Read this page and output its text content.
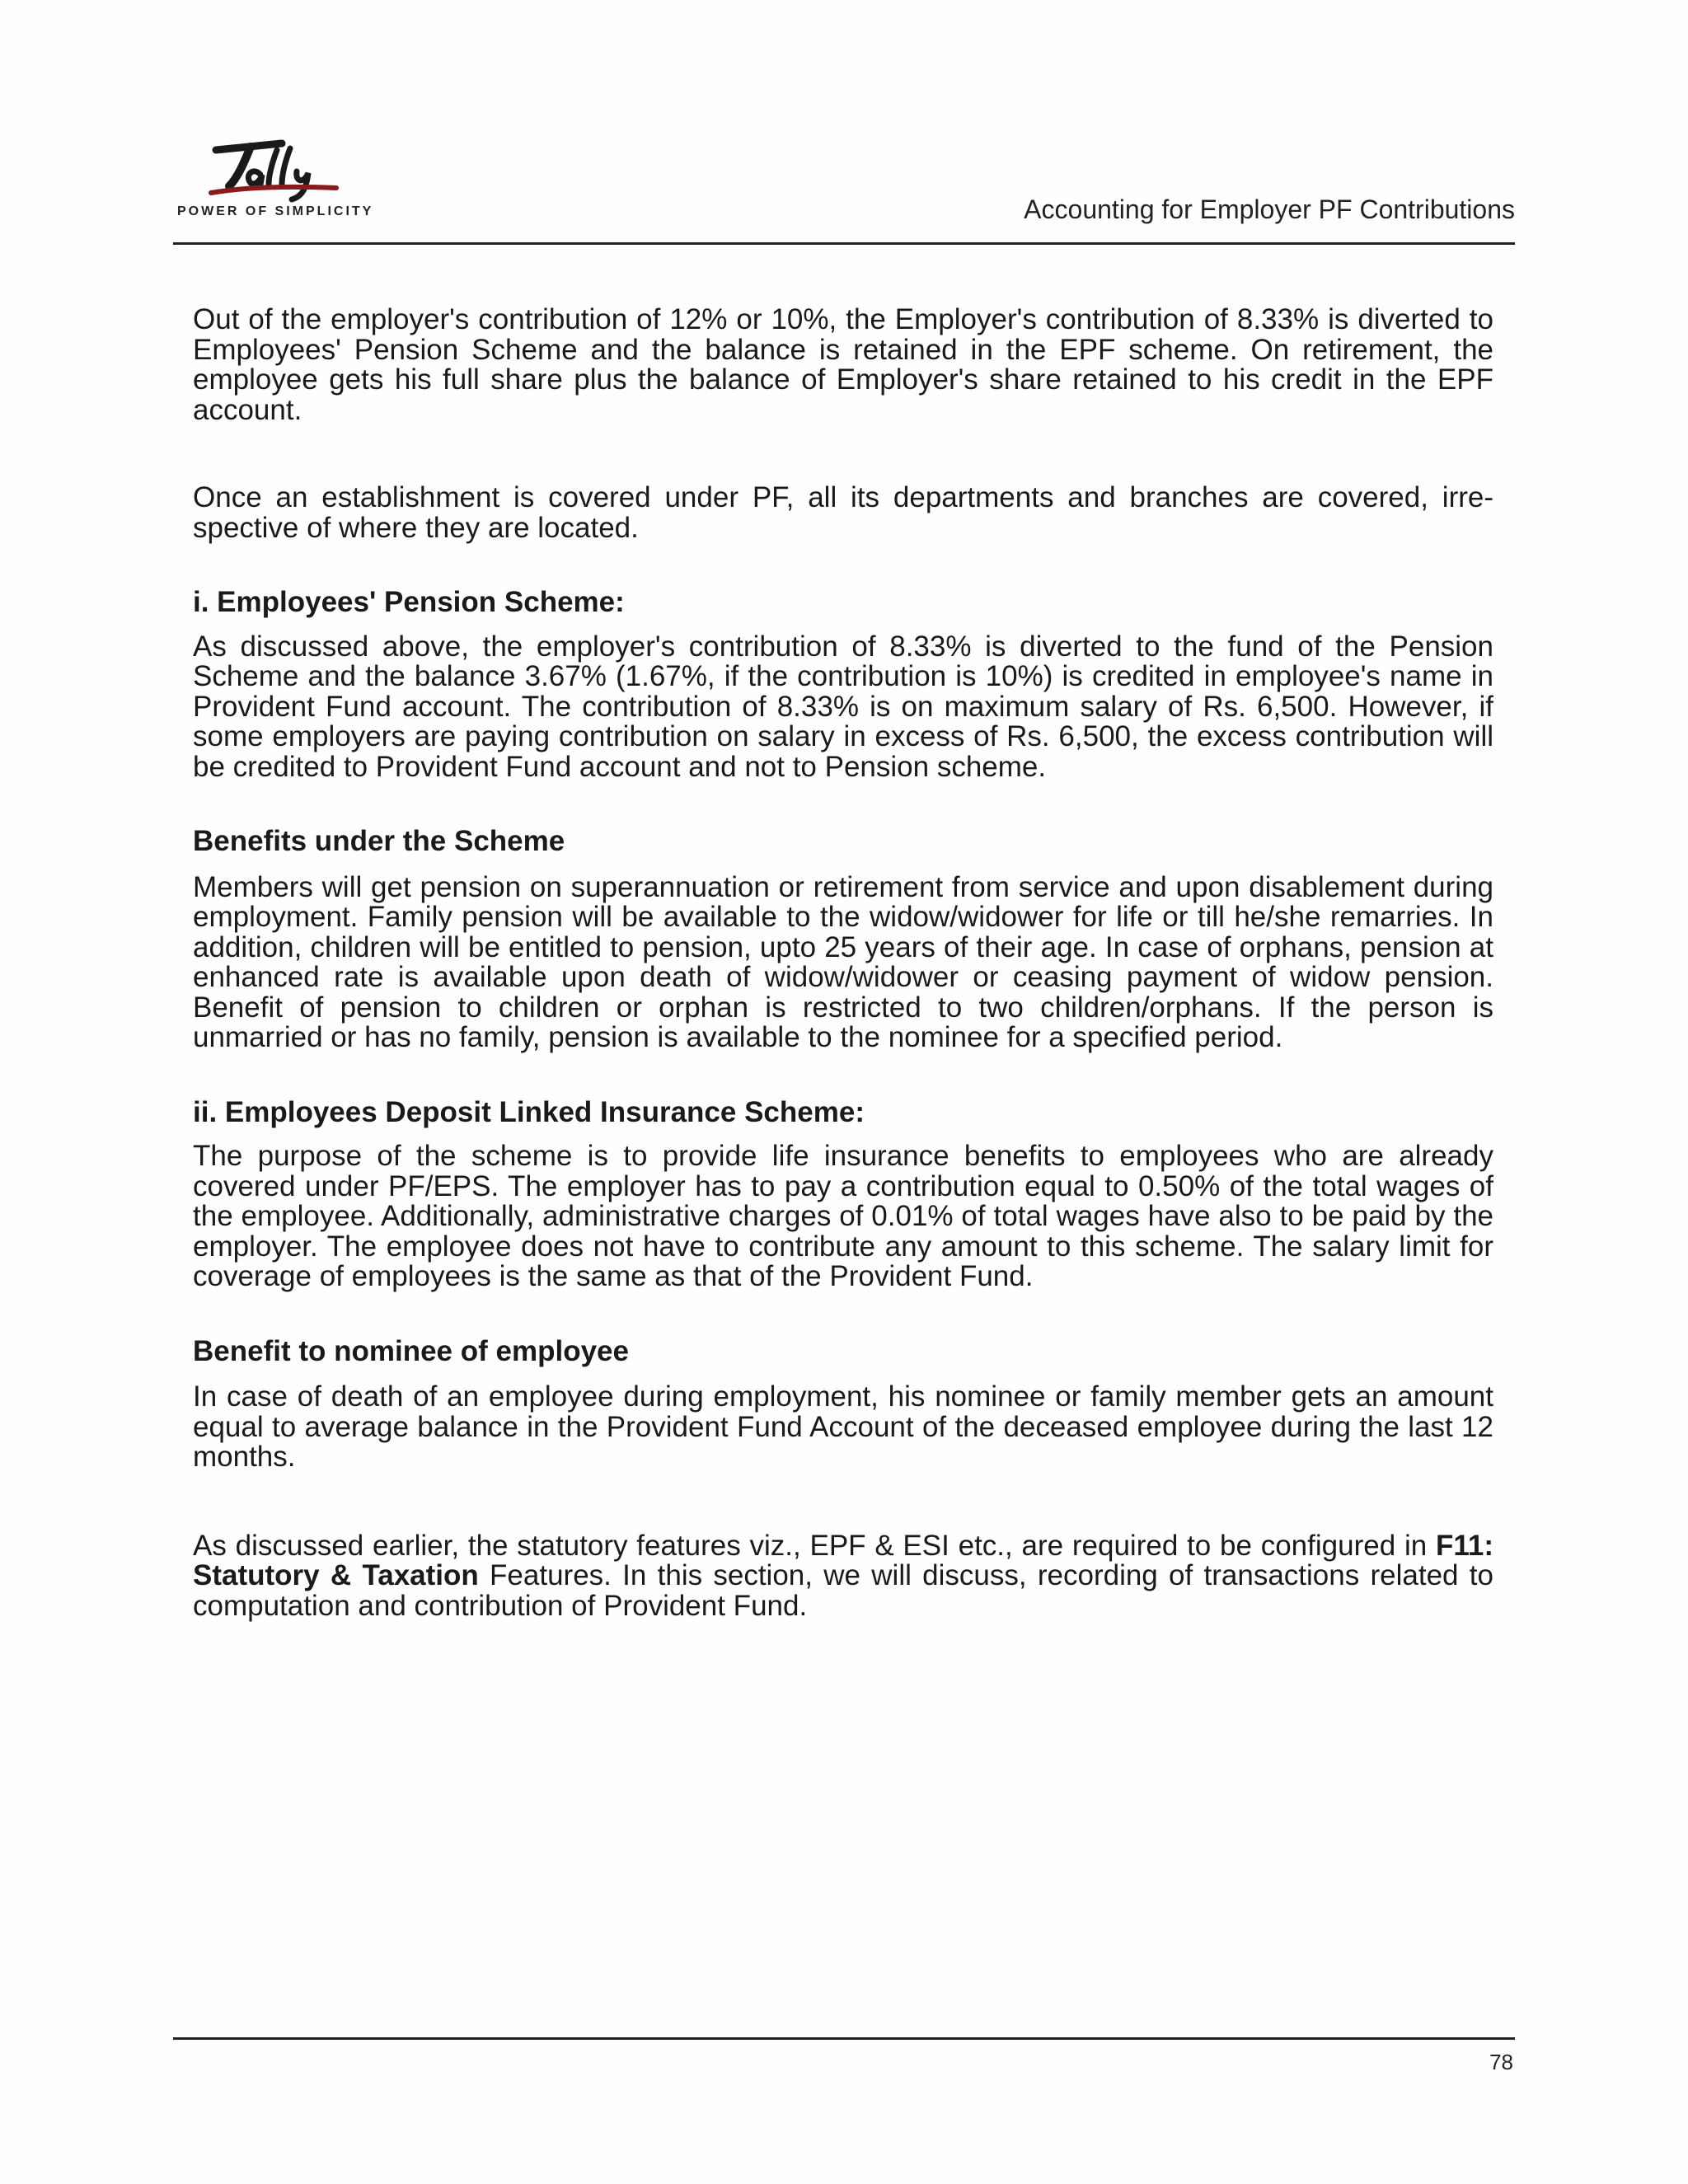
POWER OF SIMPLICITY	Accounting for Employer PF Contributions

Out of the employer's contribution of 12% or 10%, the Employer's contribution of 8.33% is diverted to Employees' Pension Scheme and the balance is retained in the EPF scheme. On retirement, the employee gets his full share plus the balance of Employer's share retained to his credit in the EPF account.

Once an establishment is covered under PF, all its departments and branches are covered, irre-spective of where they are located.

i. Employees' Pension Scheme:

As discussed above, the employer's contribution of 8.33% is diverted to the fund of the Pension Scheme and the balance 3.67% (1.67%, if the contribution is 10%) is credited in employee's name in Provident Fund account. The contribution of 8.33% is on maximum salary of Rs. 6,500. However, if some employers are paying contribution on salary in excess of Rs. 6,500, the excess contribution will be credited to Provident Fund account and not to Pension scheme.

Benefits under the Scheme

Members will get pension on superannuation or retirement from service and upon disablement during employment. Family pension will be available to the widow/widower for life or till he/she remarries. In addition, children will be entitled to pension, upto 25 years of their age. In case of orphans, pension at enhanced rate is available upon death of widow/widower or ceasing payment of widow pension. Benefit of pension to children or orphan is restricted to two children/orphans. If the person is unmarried or has no family, pension is available to the nominee for a specified period.

ii. Employees Deposit Linked Insurance Scheme:

The purpose of the scheme is to provide life insurance benefits to employees who are already covered under PF/EPS. The employer has to pay a contribution equal to 0.50% of the total wages of the employee. Additionally, administrative charges of 0.01% of total wages have also to be paid by the employer. The employee does not have to contribute any amount to this scheme. The salary limit for coverage of employees is the same as that of the Provident Fund.

Benefit to nominee of employee

In case of death of an employee during employment, his nominee or family member gets an amount equal to average balance in the Provident Fund Account of the deceased employee during the last 12 months.

As discussed earlier, the statutory features viz., EPF & ESI etc., are required to be configured in F11: Statutory & Taxation Features. In this section, we will discuss, recording of transactions related to computation and contribution of Provident Fund.

78
